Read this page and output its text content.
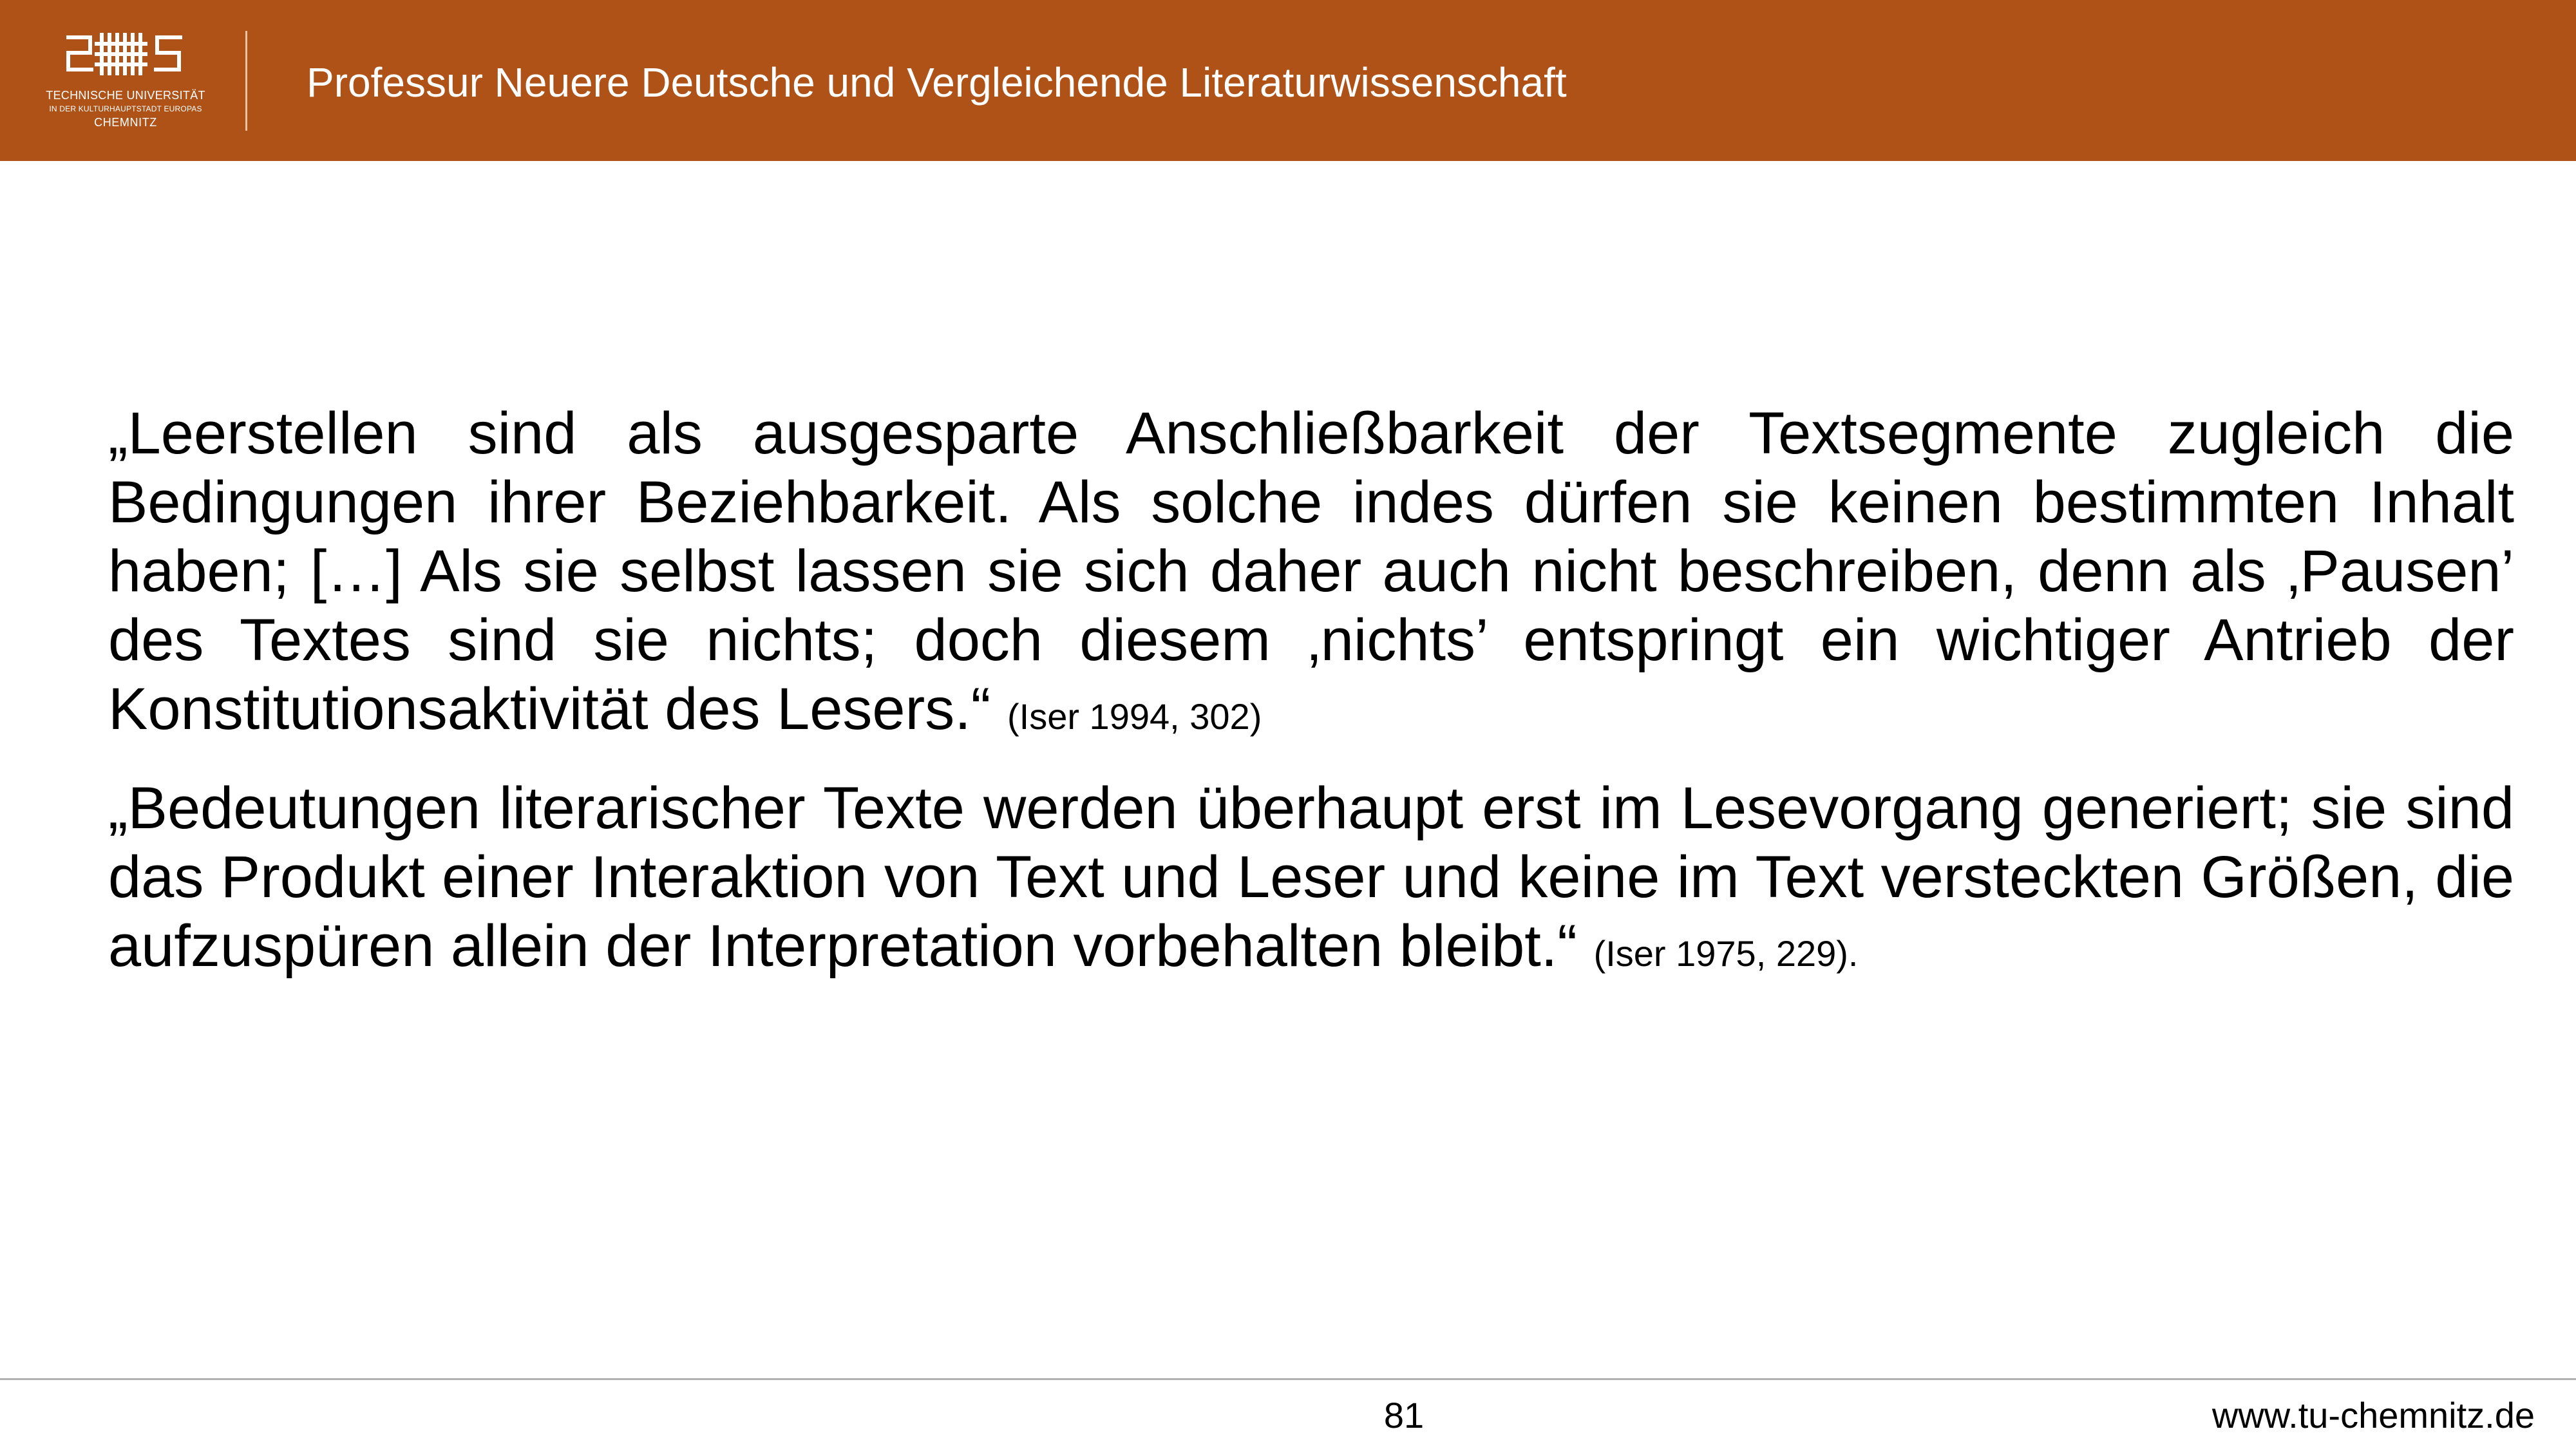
TECHNISCHE UNIVERSITÄT
IN DER KULTURHAUPTSTADT EUROPAS
CHEMNITZ
Professur Neuere Deutsche und Vergleichende Literaturwissenschaft

„Leerstellen sind als ausgesparte Anschließbarkeit der Textsegmente zugleich die Bedingungen ihrer Beziehbarkeit. Als solche indes dürfen sie keinen bestimmten Inhalt haben; […] Als sie selbst lassen sie sich daher auch nicht beschreiben, denn als ‚Pausen’ des Textes sind sie nichts; doch diesem ‚nichts’ entspringt ein wichtiger Antrieb der Konstitutionsaktivität des Lesers.“ (Iser 1994, 302)

„Bedeutungen literarischer Texte werden überhaupt erst im Lesevorgang generiert; sie sind das Produkt einer Interaktion von Text und Leser und keine im Text versteckten Größen, die aufzuspüren allein der Interpretation vorbehalten bleibt.“ (Iser 1975, 229).

81	www.tu-chemnitz.de
